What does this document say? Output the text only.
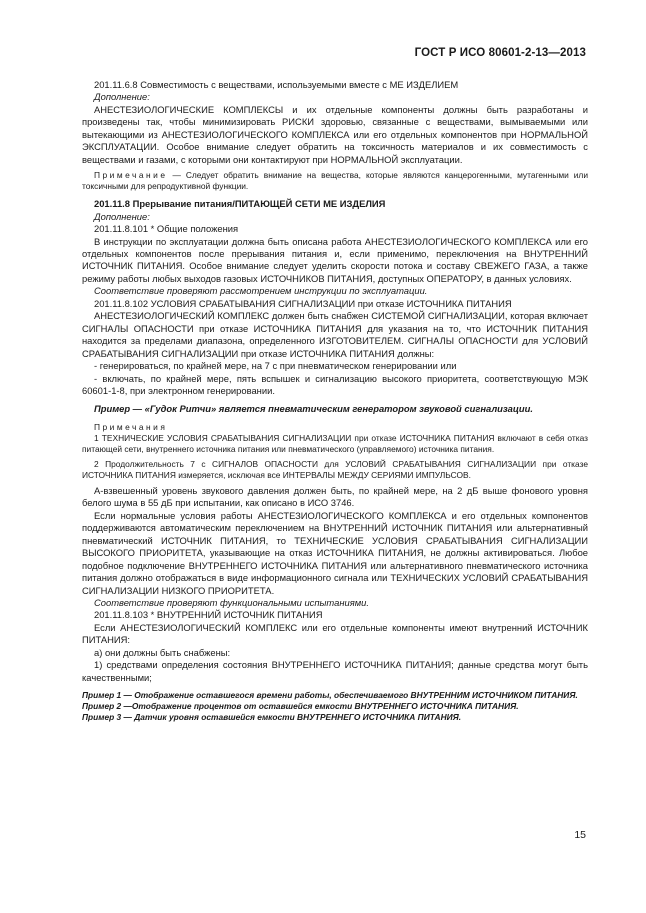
ГОСТ Р ИСО 80601-2-13—2013

201.11.6.8 Совместимость с веществами, используемыми вместе с МЕ ИЗДЕЛИЕМ

Дополнение:

АНЕСТЕЗИОЛОГИЧЕСКИЕ КОМПЛЕКСЫ и их отдельные компоненты должны быть разработаны и произведены так, чтобы минимизировать РИСКИ здоровью, связанные с веществами, вымываемыми или вытекающими из АНЕСТЕЗИОЛОГИЧЕСКОГО КОМПЛЕКСА или его отдельных компонентов при НОРМАЛЬНОЙ ЭКСПЛУАТАЦИИ. Особое внимание следует обратить на токсичность материалов и их совместимость с веществами и газами, с которыми они контактируют при НОРМАЛЬНОЙ эксплуатации.

Примечание — Следует обратить внимание на вещества, которые являются канцерогенными, мутагенными или токсичными для репродуктивной функции.

201.11.8 Прерывание питания/ПИТАЮЩЕЙ СЕТИ МЕ ИЗДЕЛИЯ

Дополнение:

201.11.8.101 * Общие положения

В инструкции по эксплуатации должна быть описана работа АНЕСТЕЗИОЛОГИЧЕСКОГО КОМПЛЕКСА или его отдельных компонентов после прерывания питания и, если применимо, переключения на ВНУТРЕННИЙ ИСТОЧНИК ПИТАНИЯ. Особое внимание следует уделить скорости потока и составу СВЕЖЕГО ГАЗА, а также режиму работы любых выходов газовых ИСТОЧНИКОВ ПИТАНИЯ, доступных ОПЕРАТОРУ, в данных условиях.

Соответствие проверяют рассмотрением инструкции по эксплуатации.

201.11.8.102 УСЛОВИЯ СРАБАТЫВАНИЯ СИГНАЛИЗАЦИИ при отказе ИСТОЧНИКА ПИТАНИЯ

АНЕСТЕЗИОЛОГИЧЕСКИЙ КОМПЛЕКС должен быть снабжен СИСТЕМОЙ СИГНАЛИЗАЦИИ, которая включает СИГНАЛЫ ОПАСНОСТИ при отказе ИСТОЧНИКА ПИТАНИЯ для указания на то, что ИСТОЧНИК ПИТАНИЯ находится за пределами диапазона, определенного ИЗГОТОВИТЕЛЕМ. СИГНАЛЫ ОПАСНОСТИ для УСЛОВИЙ СРАБАТЫВАНИЯ СИГНАЛИЗАЦИИ при отказе ИСТОЧНИКА ПИТАНИЯ должны:

- генерироваться, по крайней мере, на 7 с при пневматическом генерировании или

- включать, по крайней мере, пять вспышек и сигнализацию высокого приоритета, соответствующую МЭК 60601-1-8, при электронном генерировании.

Пример — «Гудок Ритчи» является пневматическим генератором звуковой сигнализации.

Примечания

1 ТЕХНИЧЕСКИЕ УСЛОВИЯ СРАБАТЫВАНИЯ СИГНАЛИЗАЦИИ при отказе ИСТОЧНИКА ПИТАНИЯ включают в себя отказ питающей сети, внутреннего источника питания или пневматического (управляемого) источника питания.

2 Продолжительность 7 с СИГНАЛОВ ОПАСНОСТИ для УСЛОВИЙ СРАБАТЫВАНИЯ СИГНАЛИЗАЦИИ при отказе ИСТОЧНИКА ПИТАНИЯ измеряется, исключая все ИНТЕРВАЛЫ МЕЖДУ СЕРИЯМИ ИМПУЛЬСОВ.

А-взвешенный уровень звукового давления должен быть, по крайней мере, на 2 дБ выше фонового уровня белого шума в 55 дБ при испытании, как описано в ИСО 3746.

Если нормальные условия работы АНЕСТЕЗИОЛОГИЧЕСКОГО КОМПЛЕКСА и его отдельных компонентов поддерживаются автоматическим переключением на ВНУТРЕННИЙ ИСТОЧНИК ПИТАНИЯ или альтернативный пневматический ИСТОЧНИК ПИТАНИЯ, то ТЕХНИЧЕСКИЕ УСЛОВИЯ СРАБАТЫВАНИЯ СИГНАЛИЗАЦИИ ВЫСОКОГО ПРИОРИТЕТА, указывающие на отказ ИСТОЧНИКА ПИТАНИЯ, не должны активироваться. Любое подобное подключение ВНУТРЕННЕГО ИСТОЧНИКА ПИТАНИЯ или альтернативного пневматического источника питания должно отображаться в виде информационного сигнала или ТЕХНИЧЕСКИХ УСЛОВИЙ СРАБАТЫВАНИЯ СИГНАЛИЗАЦИИ НИЗКОГО ПРИОРИТЕТА.

Соответствие проверяют функциональными испытаниями.

201.11.8.103 * ВНУТРЕННИЙ ИСТОЧНИК ПИТАНИЯ

Если АНЕСТЕЗИОЛОГИЧЕСКИЙ КОМПЛЕКС или его отдельные компоненты имеют внутренний ИСТОЧНИК ПИТАНИЯ:

а) они должны быть снабжены:

1) средствами определения состояния ВНУТРЕННЕГО ИСТОЧНИКА ПИТАНИЯ; данные средства могут быть качественными;

Пример 1 — Отображение оставшегося времени работы, обеспечиваемого ВНУТРЕННИМ ИСТОЧНИКОМ ПИТАНИЯ.

Пример 2 —Отображение процентов от оставшейся емкости ВНУТРЕННЕГО ИСТОЧНИКА ПИТАНИЯ.

Пример 3 — Датчик уровня оставшейся емкости ВНУТРЕННЕГО ИСТОЧНИКА ПИТАНИЯ.

15
